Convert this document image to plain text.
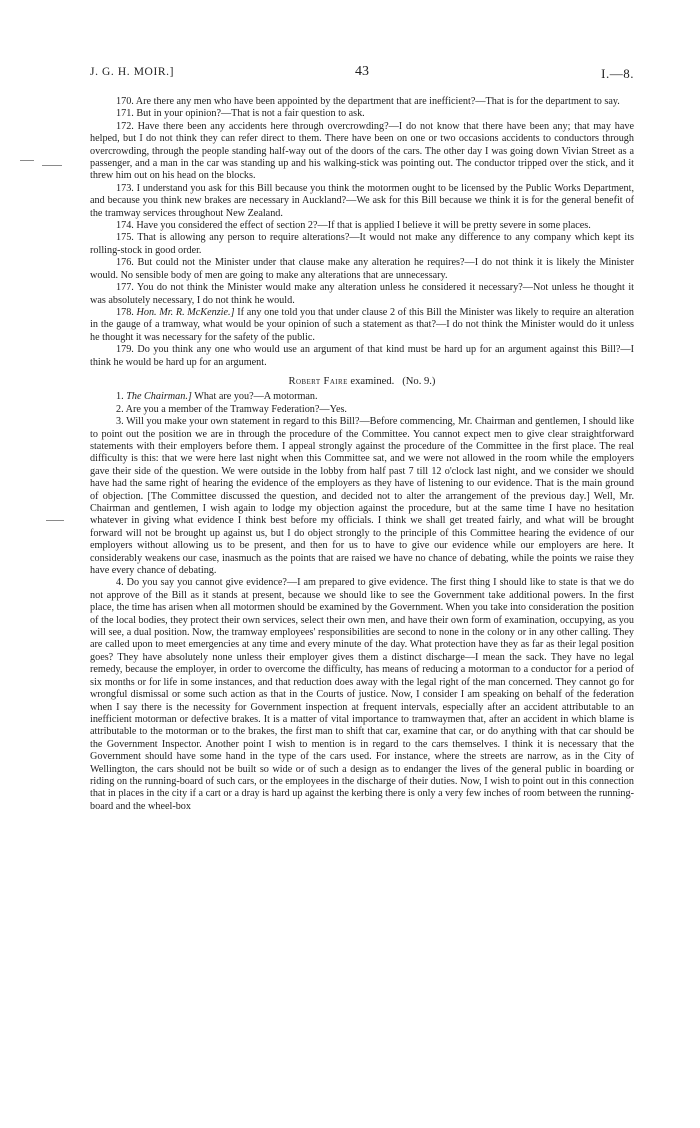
J. G. H. MOIR.]	43	I.—8.

170. Are there any men who have been appointed by the department that are inefficient?—That is for the department to say.

171. But in your opinion?—That is not a fair question to ask.

172. Have there been any accidents here through overcrowding?—I do not know that there have been any; that may have helped, but I do not think they can refer direct to them. There have been on one or two occasions accidents to conductors through overcrowding, through the people standing half-way out of the doors of the cars. The other day I was going down Vivian Street as a passenger, and a man in the car was standing up and his walking-stick was pointing out. The conductor tripped over the stick, and it threw him out on his head on the blocks.

173. I understand you ask for this Bill because you think the motormen ought to be licensed by the Public Works Department, and because you think new brakes are necessary in Auckland?—We ask for this Bill because we think it is for the general benefit of the tramway services throughout New Zealand.

174. Have you considered the effect of section 2?—If that is applied I believe it will be pretty severe in some places.

175. That is allowing any person to require alterations?—It would not make any difference to any company which kept its rolling-stock in good order.

176. But could not the Minister under that clause make any alteration he requires?—I do not think it is likely the Minister would. No sensible body of men are going to make any alterations that are unnecessary.

177. You do not think the Minister would make any alteration unless he considered it necessary?—Not unless he thought it was absolutely necessary, I do not think he would.

178. Hon. Mr. R. McKenzie.] If any one told you that under clause 2 of this Bill the Minister was likely to require an alteration in the gauge of a tramway, what would be your opinion of such a statement as that?—I do not think the Minister would do it unless he thought it was necessary for the safety of the public.

179. Do you think any one who would use an argument of that kind must be hard up for an argument against this Bill?—I think he would be hard up for an argument.

Robert Faire examined. (No. 9.)

1. The Chairman.] What are you?—A motorman.

2. Are you a member of the Tramway Federation?—Yes.

3. Will you make your own statement in regard to this Bill?—Before commencing, Mr. Chairman and gentlemen, I should like to point out the position we are in through the procedure of the Committee. You cannot expect men to give clear straightforward statements with their employers before them. I appeal strongly against the procedure of the Committee in the first place. The real difficulty is this: that we were here last night when this Committee sat, and we were not allowed in the room while the employers gave their side of the question. We were outside in the lobby from half past 7 till 12 o'clock last night, and we consider we should have had the same right of hearing the evidence of the employers as they have of listening to our evidence. That is the main ground of objection. [The Committee discussed the question, and decided not to alter the arrangement of the previous day.] Well, Mr. Chairman and gentlemen, I wish again to lodge my objection against the procedure, but at the same time I have no hesitation whatever in giving what evidence I think best before my officials. I think we shall get treated fairly, and what will be brought forward will not be brought up against us, but I do object strongly to the principle of this Committee hearing the evidence of our employers without allowing us to be present, and then for us to have to give our evidence while our employers are here. It considerably weakens our case, inasmuch as the points that are raised we have no chance of debating, while the points we raise they have every chance of debating.

4. Do you say you cannot give evidence?—I am prepared to give evidence. The first thing I should like to state is that we do not approve of the Bill as it stands at present, because we should like to see the Government take additional powers. In the first place, the time has arisen when all motormen should be examined by the Government. When you take into consideration the position of the local bodies, they protect their own services, select their own men, and have their own form of examination, occupying, as you will see, a dual position. Now, the tramway employees' responsibilities are second to none in the colony or in any other calling. They are called upon to meet emergencies at any time and every minute of the day. What protection have they as far as their legal position goes? They have absolutely none unless their employer gives them a distinct discharge—I mean the sack. They have no legal remedy, because the employer, in order to overcome the difficulty, has means of reducing a motorman to a conductor for a period of six months or for life in some instances, and that reduction does away with the legal right of the man concerned. They cannot go for wrongful dismissal or some such action as that in the Courts of justice. Now, I consider I am speaking on behalf of the federation when I say there is the necessity for Government inspection at frequent intervals, especially after an accident attributable to an inefficient motorman or defective brakes. It is a matter of vital importance to tramwaymen that, after an accident in which blame is attributable to the motorman or to the brakes, the first man to shift that car, examine that car, or do anything with that car should be the Government Inspector. Another point I wish to mention is in regard to the cars themselves. I think it is necessary that the Government should have some hand in the type of the cars used. For instance, where the streets are narrow, as in the City of Wellington, the cars should not be built so wide or of such a design as to endanger the lives of the general public in boarding or riding on the running-board of such cars, or the employees in the discharge of their duties. Now, I wish to point out in this connection that in places in the city if a cart or a dray is hard up against the kerbing there is only a very few inches of room between the running-board and the wheel-box
